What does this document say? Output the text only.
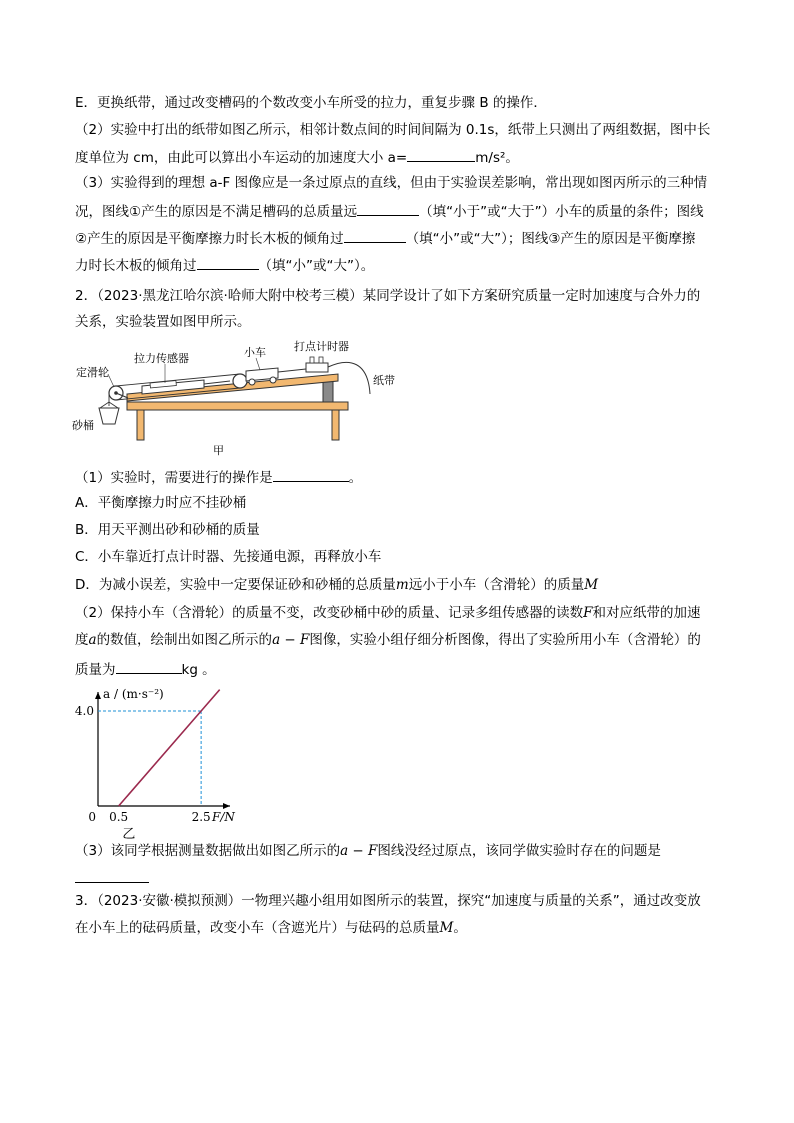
E．更换纸带，通过改变槽码的个数改变小车所受的拉力，重复步骤 B 的操作．
（2）实验中打出的纸带如图乙所示，相邻计数点间的时间间隔为 0.1s，纸带上只测出了两组数据，图中长
度单位为 cm，由此可以算出小车运动的加速度大小 a=	m/s²。
（3）实验得到的理想 a-F 图像应是一条过原点的直线，但由于实验误差影响，常出现如图丙所示的三种情
况，图线①产生的原因是不满足槽码的总质量远	（填“小于”或“大于”）小车的质量的条件；图线
②产生的原因是平衡摩擦力时长木板的倾角过	（填“小”或“大”）；图线③产生的原因是平衡摩擦
力时长木板的倾角过	（填“小”或“大”）。
2．（2023·黑龙江哈尔滨·哈师大附中校考三模）某同学设计了如下方案研究质量一定时加速度与合外力的
关系，实验装置如图甲所示。
定滑轮
拉力传感器	小车	打点计时器
纸带
砂桶
甲
（1）实验时，需要进行的操作是	。
A．平衡摩擦力时应不挂砂桶
B．用天平测出砂和砂桶的质量
C．小车靠近打点计时器、先接通电源，再释放小车
D．为减小误差，实验中一定要保证砂和砂桶的总质量m远小于小车（含滑轮）的质量M
（2）保持小车（含滑轮）的质量不变，改变砂桶中砂的质量、记录多组传感器的读数F和对应纸带的加速
度a的数值，绘制出如图乙所示的a − F图像，实验小组仔细分析图像，得出了实验所用小车（含滑轮）的
质量为	kg 。
0.5	2.5
4.0
0	F/N
a / (m·s⁻²)
乙
（3）该同学根据测量数据做出如图乙所示的a − F图线没经过原点，该同学做实验时存在的问题是
3．（2023·安徽·模拟预测）一物理兴趣小组用如图所示的装置，探究“加速度与质量的关系”，通过改变放
在小车上的砝码质量，改变小车（含遮光片）与砝码的总质量M。
